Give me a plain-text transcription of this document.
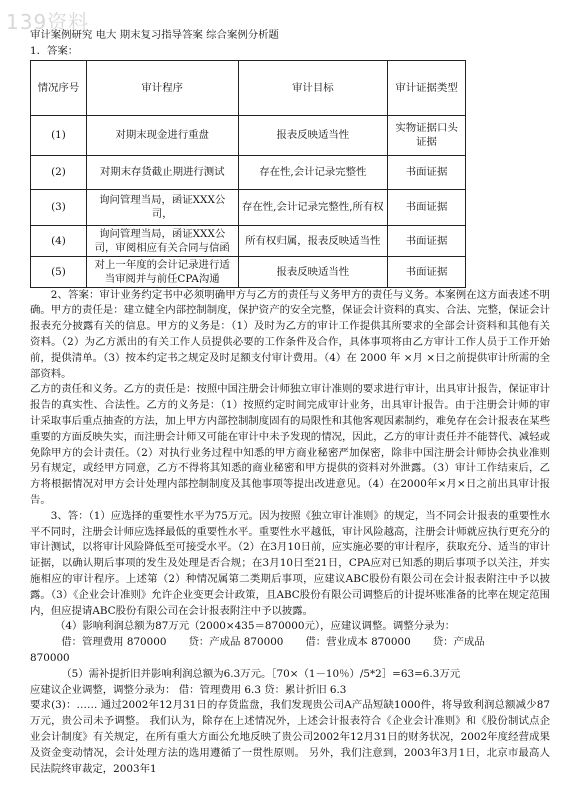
139资料

审计案例研究 电大 期末复习指导答案 综合案例分析题

1．答案：

情况序号	审计程序	审计目标	审计证据类型
(1)	对期末现金进行重盘	报表反映适当性	实物证据口头证据
(2)	对期末存货截止期进行测试	存在性,会计记录完整性	书面证据
(3)	询问管理当局，函证XXX公司，	存在性,会计记录完整性,所有权	书面证据
(4)	询问管理当局，函证XXX公司，审阅相应有关合同与信函	所有权归属，报表反映适当性	书面证据
(5)	对上一年度的会计记录进行适当审阅并与前任CPA沟通	报表反映适当性	书面证据

2、答案：审计业务约定书中必须明确甲方与乙方的责任与义务甲方的责任与义务。本案例在这方面表述不明确。甲方的责任是：建立健全内部控制制度，保护资产的安全完整，保证会计资料的真实、合法、完整，保证会计报表充分披露有关的信息。甲方的义务是：（1）及时为乙方的审计工作提供其所要求的全部会计资料和其他有关资料。（2）为乙方派出的有关工作人员提供必要的工作条件及合作，具体事项将由乙方审计工作人员于工作开始前，提供清单。（3）按本约定书之规定及时足额支付审计费用。（4）在 2000 年 ×月 ×日之前提供审计所需的全部资料。

乙方的责任和义务。乙方的责任是：按照中国注册会计师独立审计准则的要求进行审计，出具审计报告，保证审计报告的真实性、合法性。乙方的义务是：（1）按照约定时间完成审计业务，出具审计报告。由于注册会计师的审计采取事后重点抽查的方法，加上甲方内部控制制度固有的局限性和其他客观因素制约，难免存在会计报表在某些重要的方面反映失实，而注册会计师又可能在审计中未予发现的情况，因此，乙方的审计责任并不能替代、减轻或免除甲方的会计责任。（2）对执行业务过程中知悉的甲方商业秘密严加保密，除非中国注册会计师协会执业准则另有规定，或经甲方同意，乙方不得将其知悉的商业秘密和甲方提供的资料对外泄露。（3）审计工作结束后，乙方将根据情况对甲方会计处理内部控制制度及其他事项等提出改进意见。（4）在2000年×月×日之前出具审计报告。

3、答：（1）应选择的重要性水平为75万元。因为按照《独立审计准则》的规定，当不同会计报表的重要性水平不同时，注册会计师应选择最低的重要性水平。重要性水平越低，审计风险越高，注册会计师就应执行更充分的审计测试，以将审计风险降低至可接受水平。（2）在3月10日前，应实施必要的审计程序，获取充分、适当的审计证据，以确认期后事项的发生及处理是否合规；在3月10日至21日，CPA应对已知悉的期后事项予以关注，并实施相应的审计程序。上述第（2）种情况属第二类期后事项，应建议ABC股份有限公司在会计报表附注中予以披露。（3）《企业会计准则》允许企业变更会计政策，且ABC股份有限公司调整后的计提坏账准备的比率在规定范围内，但应提请ABC股份有限公司在会计报表附注中予以披露。

（4）影响利润总额为87万元（2000×435＝870000元），应建议调整。调整分录为：

借：管理费用 870000 贷：产成品 870000 借：营业成本 870000 贷：产成品

870000

（5）需补提折旧并影响利润总额为6.3万元。［70×（1－10％）/5*2］=63=6.3万元

应建议企业调整，调整分录为： 借：管理费用 6.3 贷：累计折旧 6.3

要求(3)：…… 通过2002年12月31日的存货监盘，我们发现贵公司A产品短缺1000件，将导致利润总额减少87万元，贵公司未予调整。 我们认为，除存在上述情况外，上述会计报表符合《企业会计准则》和《股份制试点企业会计制度》有关规定，在所有重大方面公允地反映了贵公司2002年12月31日的财务状况，2002年度经营成果及资金变动情况，会计处理方法的选用遵循了一贯性原则。 另外，我们注意到，2003年3月1日，北京市最高人民法院终审裁定，2003年1
